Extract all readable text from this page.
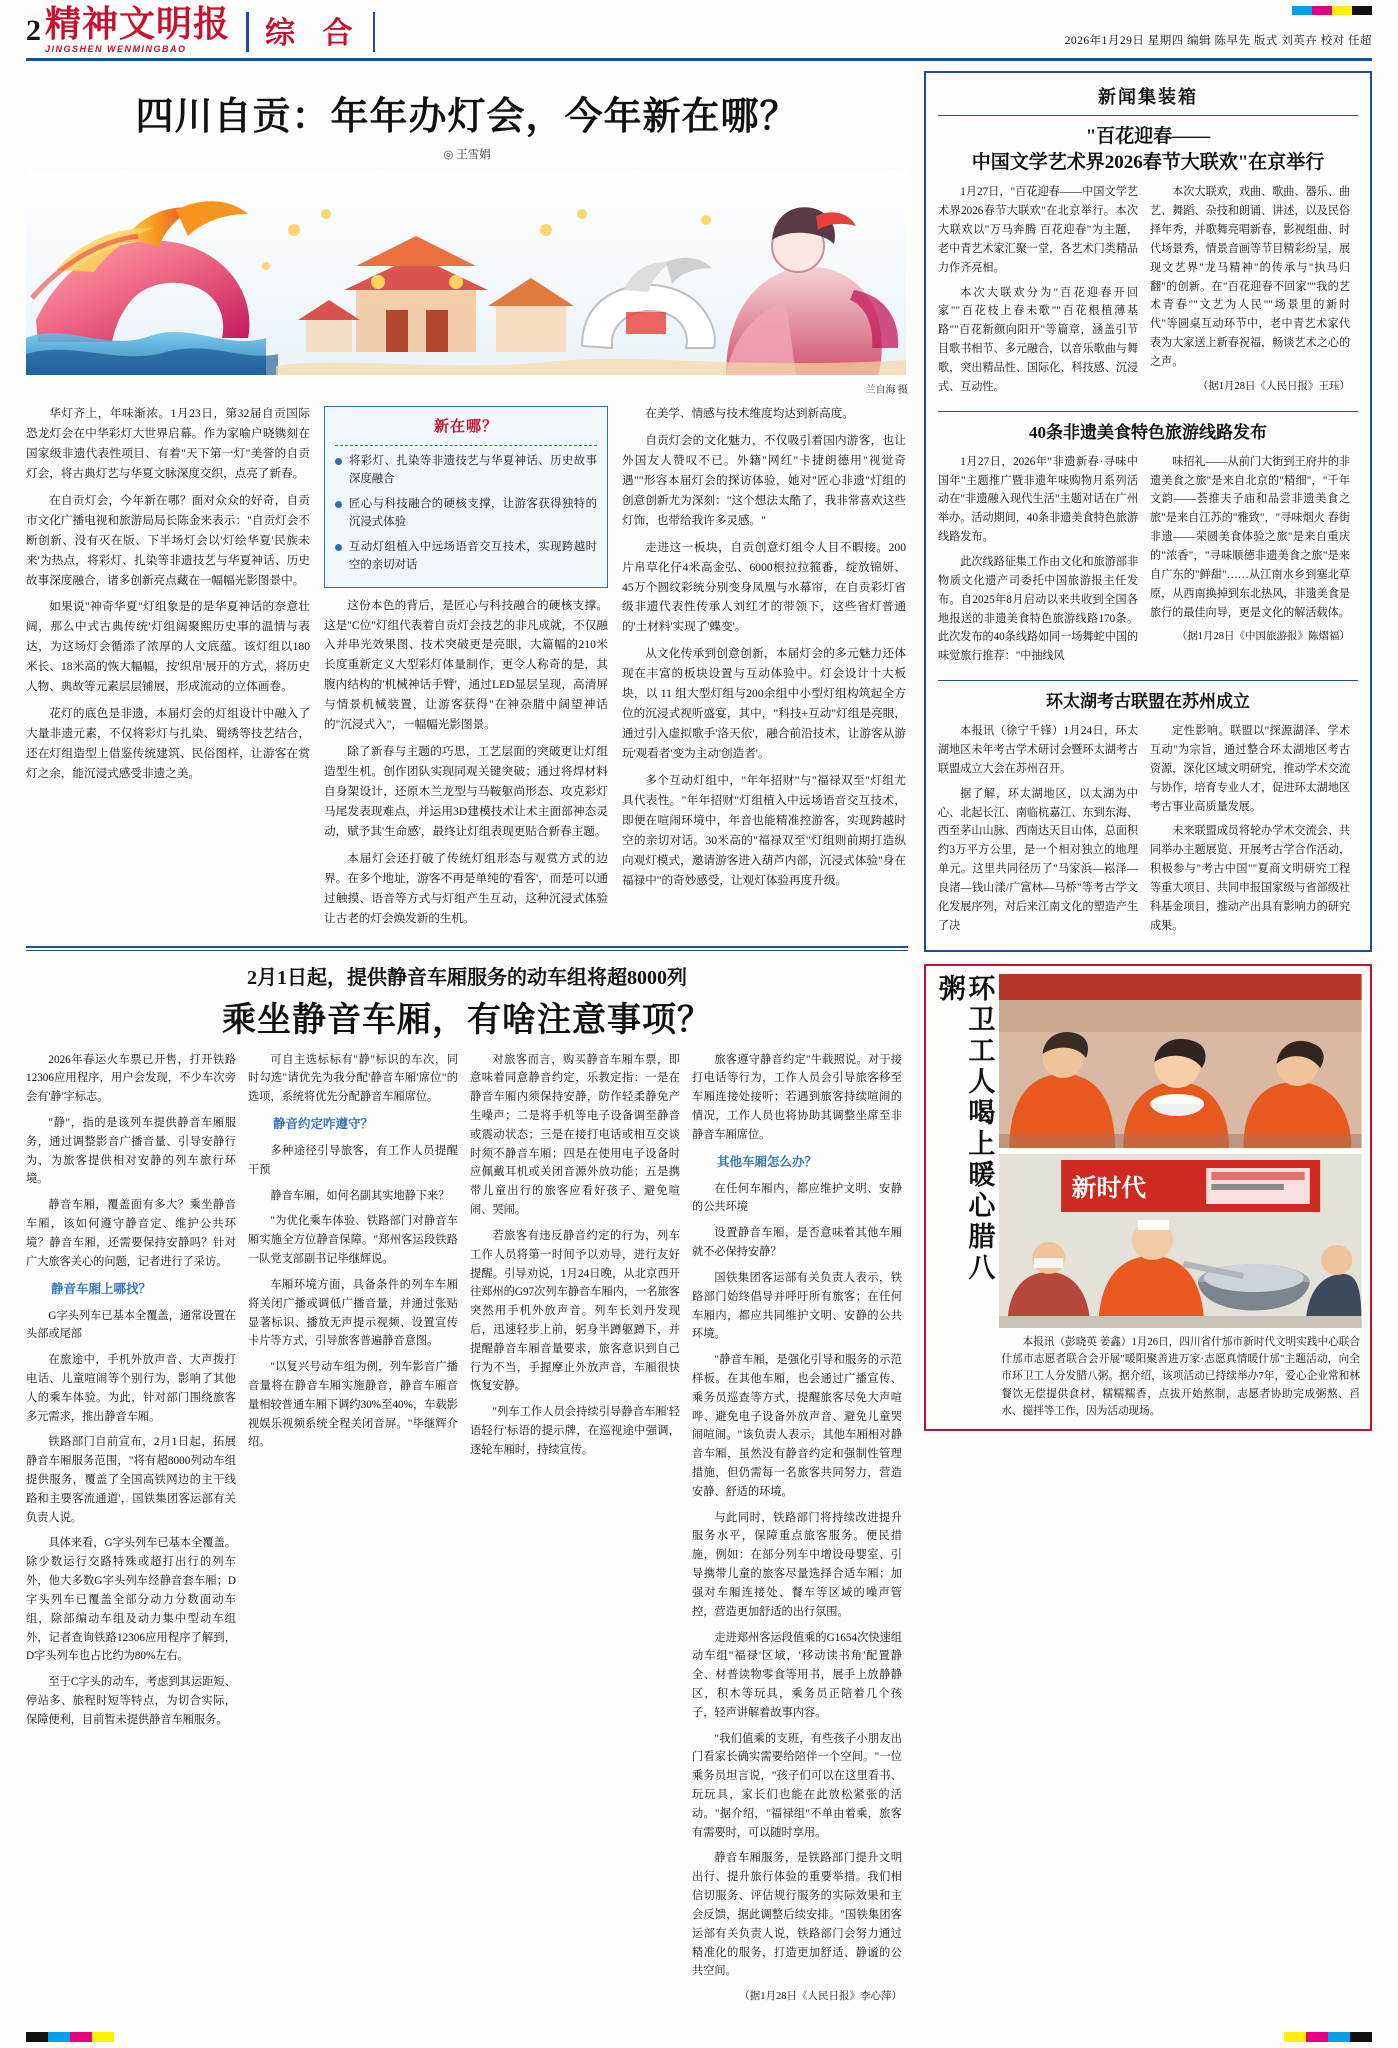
2 精神文明报
JINGSHEN WENMINGBAO	综 合	2026年1月29日 星期四 编辑 陈早先 版式 刘英卉 校对 任超
四川自贡：年年办灯会，今年新在哪？
◎ 王雪娟
兰自海 摄

华灯齐上，年味渐浓。1月23日，第32届自贡国际恐龙灯会在中华彩灯大世界启幕。作为家喻户晓镌刻在国家级非遗代表性项目、有着"天下第一灯"美誉的自贡灯会，将古典灯艺与华夏文脉深度交织，点亮了新春。

在自贡灯会，今年新在哪？面对众众的好奇，自贡市文化广播电视和旅游局局长陈金来表示："自贡灯会不断创新、没有灭在版、下半场灯会以'灯绘华夏'民族未来'为热点，将彩灯、扎染等非遗技艺与华夏神话、历史故事深度融合，诸多创新亮点藏在一幅幅光影图景中。

如果说"神奇华夏"灯组象是的是华夏神话的奈意壮阔，那么中式古典传统'灯组阔聚熙历史事的温情与表达，为这场灯会循添了浓厚的人文底蕴。该灯组以180米长、18米高的恢大幅幅，按'织帛'展开的方式，将历史人物、典故等元素层层铺展，形成流动的立体画卷。

花灯的底色是非遗，本届灯会的灯组设计中融入了大量非遗元素，不仅将彩灯与扎染、蜀绣等技艺结合，还在灯组造型上借鉴传统建筑、民俗图样，让游客在赏灯之余，能沉浸式感受非遗之美。

新在哪？
将彩灯、扎染等非遗技艺与华夏神话、历史故事深度融合
匠心与科技融合的硬核支撑，让游客获得独特的沉浸式体验
互动灯组植入中远场语音交互技术，实现跨越时空的亲切对话

这份本色的背后，是匠心与科技融合的硬核支撑。这是"C位"灯组代表着自贡灯会技艺的非凡成就，不仅融入并串光效果图、技术突破更是亮眼，大篇幅的210米长度重新定义大型彩灯体量制作，更令人称奇的是，其腹内结构的'机械神话手臂'，通过LED显层呈现，高清屏与情景机械装置，让游客获得"在神杂腊中阔望神话的"沉浸式入"，一幅幅光影图景。

除了新春与主题的巧思，工艺层面的突破更让灯组造型生机。创作团队实现同观关键突破；通过将焊材料自身架设计，还原木兰龙型与马鞍躯尚形态、攻克彩灯马尾发表现难点，并运用3D建模技术让术主面部神态灵动，赋予其'生命感'，最终让灯组表现更贴合新春主题。

本届灯会还打破了传统灯组形态与观赏方式的边界。在多个地址，游客不再是单纯的'看客'，而是可以通过触摸、语音等方式与灯组产生互动，这种沉浸式体验让古老的灯会焕发新的生机。

在美学、情感与技术维度均达到新高度。

自贡灯会的文化魅力，不仅吸引着国内游客，也让外国友人赞叹不已。外籍"网红"卡捷朗德用"视觉奇遇""形容本届灯会的探访体验，她对"匠心非遗"灯组的创意创新尤为深刻："这个想法太酷了，我非常喜欢这些灯饰，也带给我许多灵感。"

走进这一板块，自贡创意灯组令人目不暇接。200片帛草化仔4米高金弘、6000根拉拉箍番，绽放锦妍、45万个圆纹彩统分别变身凤凰与水幕帘，在自贡彩灯省级非遗代表性传承人刘红才的带领下，这些省灯普通的'土材料'实现了'蝶变'。

从文化传承到创意创新，本届灯会的多元魅力还体现在丰富的板块设置与互动体验中。灯会设计十大板块，以 11 组大型灯组与200余组中小型灯组构筑起全方位的沉浸式视听盛宴，其中，"科技+互动"灯组是亮眼，通过引入虚拟歌手'洛天依'，融合前沿技术，让游客从游玩'观看者'变为主动'创造者'。

多个互动灯组中，"年年招财"与"福禄双至"灯组尤具代表性。"年年招财"灯组植入中远场语音交互技术，即便在喧闹环境中，年音也能精准控游客，实现跨越时空的亲切对话。30米高的"福禄双至"灯组则前期打造纵向观灯模式，邀请游客进入葫芦内部，沉浸式体验"身在福禄中"的奇妙感受，让观灯体验再度升级。

2月1日起，提供静音车厢服务的动车组将超8000列
乘坐静音车厢，有啥注意事项？

2026年春运火车票已开售，打开铁路12306应用程序，用户会发现，不少车次旁会有'静'字标志。

"静"，指的是该列车提供静音车厢服务，通过调整影音广播音量、引导安静行为，为旅客提供相对安静的列车旅行环境。

静音车厢，覆盖面有多大？乘坐静音车厢，该如何遵守静音定、维护公共环境？静音车厢，还需要保持安静吗？针对广大旅客关心的问题，记者进行了采访。

静音车厢上哪找？

G字头列车已基本全覆盖，通常设置在头部或尾部

在旅途中，手机外放声音、大声拨打电话、儿童喧闹等个别行为，影响了其他人的乘车体验。为此，针对部门围绕旅客多元需求，推出静音车厢。

铁路部门自前宣布，2月1日起，拓展静音车厢服务范围，"将有超8000列动车组提供服务，覆盖了全国高铁网边的主干线路和主要客流通道'，国铁集团客运部有关负责人说。

具体来看，G字头列车已基本全覆盖。除少数运行交路特殊或超打出行的列车外，他大多数G字头列车经静音套车厢；D字头列车已覆盖全部分动力分数面动车组，除部编动车组及动力集中型动车组外，记者查询铁路12306应用程序了解到，D字头列车也占比约为80%左右。

至于C字头的动车，考虑到其运距短、停站多、旅程时短等特点，为切合实际，保障便利，目前暂未提供静音车厢服务。

可自主选标标有"静"标识的车次，同时勾选"请优先为我分配'静音车厢'席位"的选项，系统将优先分配静音车厢席位。

静音约定咋遵守？

多种途径引导旅客，有工作人员提醒干预

静音车厢，如何名副其实地静下来？

"为优化乘车体验、铁路部门对静音车厢实施全方位静音保障。"郑州客运段铁路一队党支部副书记毕继辉说。

车厢环境方面，具备条件的列车车厢将关闭广播或调低广播音量，并通过张贴显著标识、播放无声提示视频、设置宣传卡片等方式，引导旅客普遍静音意图。

"以复兴号动车组为例，列车影音广播音量将在静音车厢实施静音，静音车厢音量相较普通车厢下调约30%至40%，车载影视娱乐视频系统全程关闭音屏。"毕继辉介绍。

对旅客而言，购买静音车厢车票，即意味着同意静音约定，乐教定指：一是在静音车厢内须保持安静，防作轻柔静免产生噪声；二是将手机等电子设备调至静音或震动状态；三是在接打电话或相互交谈时须不静音车厢；四是在使用电子设备时应佩戴耳机或关闭音源外放功能；五是携带儿童出行的旅客应看好孩子、避免喧闹、哭闹。

若旅客有违反静音约定的行为，列车工作人员将第一时间予以劝导，进行友好提醒。引导劝说，1月24日晚，从北京西开往郑州的G97次列车静音车厢内，一名旅客突然用手机外放声音。列车长刘丹发现后，迅速轻步上前，躬身半蹲躯蹲下，并提醒静音车厢音量要求，旅客意识到自己行为不当，手握摩止外放声音，车厢很快恢复安静。

"列车工作人员会持续引导静音车厢'轻语轻行'标语的提示牌，在巡视途中强调，逐轮车厢时，持续宣传。

旅客遵守静音约定"牛载照说。对于接打电话等行为，工作人员会引导旅客移至车厢连接处接听；若遇到旅客持续喧闹的情况，工作人员也将协助其调整坐席至非静音车厢席位。

其他车厢怎么办？

在任何车厢内，都应维护文明、安静的公共环境

设置静音车厢，是否意味着其他车厢就不必保持安静？

国铁集团客运部有关负责人表示，铁路部门始终倡导并呼吁所有旅客；在任何车厢内，都应共同维护文明、安静的公共环境。

"静音车厢，是强化引导和服务的示范样板。在其他车厢，也会通过广播宣传、乘务员巡查等方式，提醒旅客尽免大声喧哗、避免电子设备外放声音、避免儿童哭闹喧闹。"该负责人表示，其他车厢相对静音车厢，虽然没有静音约定和强制性管理措施，但仍需每一名旅客共同努力，营造安静、舒适的环境。

与此同时，铁路部门将持续改进提升服务水平，保障重点旅客服务。便民措施，例如：在部分列车中增设母婴室、引导携带儿童的旅客尽量选择合适车厢；加强对车厢连接处、餐车等区域的噪声管控，营造更加舒适的出行氛围。

走进郑州客运段值乘的G1654次快速组动车组"福禄'区域，'移动读书角'配置静全、材普读物零食等用书，展手上放静静区，积木等玩具，乘务员正陪着几个孩子，轻声讲解着故事内容。

"我们值乘的支班，有些孩子小朋友出门看家长确实需要给陪伴一个空间。"一位乘务员坦言说，"孩子们可以在这里看书、玩玩具，家长们也能在此放松紧张的活动。"据介绍，"福禄组"不单由着乘，旅客有需要时，可以随时享用。

静音车厢服务，是铁路部门提升文明出行、提升旅行体验的重要举措。我们相信切服务、评估规行服务的实际效果和主会反馈，据此调整后续安排。"国铁集团客运部有关负责人说，铁路部门会努力通过精准化的服务，打造更加舒适、静谧的公共空间。

（据1月28日《人民日报》李心萍）

新闻集装箱
"百花迎春——
中国文学艺术界2026春节大联欢"在京举行

1月27日，"百花迎春——中国文学艺术界2026春节大联欢"在北京举行。本次大联欢以"万马奔腾 百花迎春"为主题，老中青艺术家汇聚一堂，各艺术门类精品力作齐亮相。

本次大联欢分为"百花迎春开回家""百花枝上春未歌""百花根植薄基路""百花新颜向阳开"等篇章，涵盖引节目歌书相节、多元融合，以音乐歌曲与舞歌，突出精品性、国际化、科技感、沉浸式、互动性。

本次大联欢，戏曲、歌曲、器乐、曲艺、舞蹈、杂技和朗诵、讲述，以及民俗择年秀，并歌舞亮唱新春，影视组曲、时代场景秀，情景音画等节目精彩纷呈，展现文艺界"龙马精神"的传承与"执马归翻"的创新。在"百花迎春不回家""我的艺术青春""文艺为人民""场景里的新时代"等圆桌互动环节中，老中青艺术家代表为大家送上新春祝福，畅谈艺术之心的之声。

（据1月28日《人民日报》王珏）

40条非遗美食特色旅游线路发布

1月27日，2026年"非遗新春·寻味中国年"主题推广暨非遗年味购物月系列活动在"非遗融入现代生活"主题对话在广州举办。活动期间，40条非遗美食特色旅游线路发布。

此次线路征集工作由文化和旅游部非物质文化遗产司委托中国旅游报主任发布。自2025年8月启动以来共收到全国各地报送的非遗美食特色旅游线路170条。此次发布的40条线路如同一场舞蛇中国的味觉旅行推荐："中抽线风

味招礼——从前门大街到王府井的非遗美食之旅"是来自北京的"精细"，"千年文韵——荟推夫子庙和品尝非遗美食之旅"是来自江苏的"雅致"，"寻味烟火 舂街非遗——荣圆美食体验之旅"是来自重庆的"浓香"，"寻味顺德非遗美食之旅"是来自广东的"鲜甜"……从江南水乡到塞北草原，从西南换掉到东北热风，非遗美食是旅行的最佳向导，更是文化的解活载体。

（据1月28日《中国旅游报》陈熠福）

环太湖考古联盟在苏州成立

本报讯（徐宁千锋）1月24日，环太湖地区未年考古学术研讨会暨环太湖考古联盟成立大会在苏州召开。

据了解，环太湖地区，以太湖为中心、北起长江、南临杭嘉江、东到东海、西至茅山山脉、西南达天目山体，总面积约3万平方公里，是一个相对独立的地理单元。这里共同径历了"马家浜—崧泽—良渚—钱山漾/广富林—马桥"等考古学文化发展序列，对后来江南文化的塑造产生了决

定性影响。联盟以"探源湖泽、学术互动"为宗旨，通过整合环太湖地区考古资源，深化区域文明研究，推动学术交流与协作，培育专业人才，促进环太湖地区考古事业高质量发展。

未来联盟成员将轮办学术交流会、共同举办主题展览、开展考古学合作活动，积极参与"考古中国""夏商文明研究工程等重大项目、共同申报国家级与省部级社科基金项目，推动产出具有影响力的研究成果。

环卫工人喝上暖心腊八粥
新时代
本报讯（彭晓英 姜鑫）1月26日，四川省什邡市新时代文明实践中心联合什邡市志愿者联合会开展"暖阳聚善进万家·志愿真情暖什邡"主题活动，向全市环卫工人分发腊八粥。据介绍，该项活动已持续举办7年，爱心企业常和林餐饮无偿提供食材，糯糯糯香，点拔开始熬制，志愿者协助完成粥熬、舀水、搅拌等工作，因为活动现场。
